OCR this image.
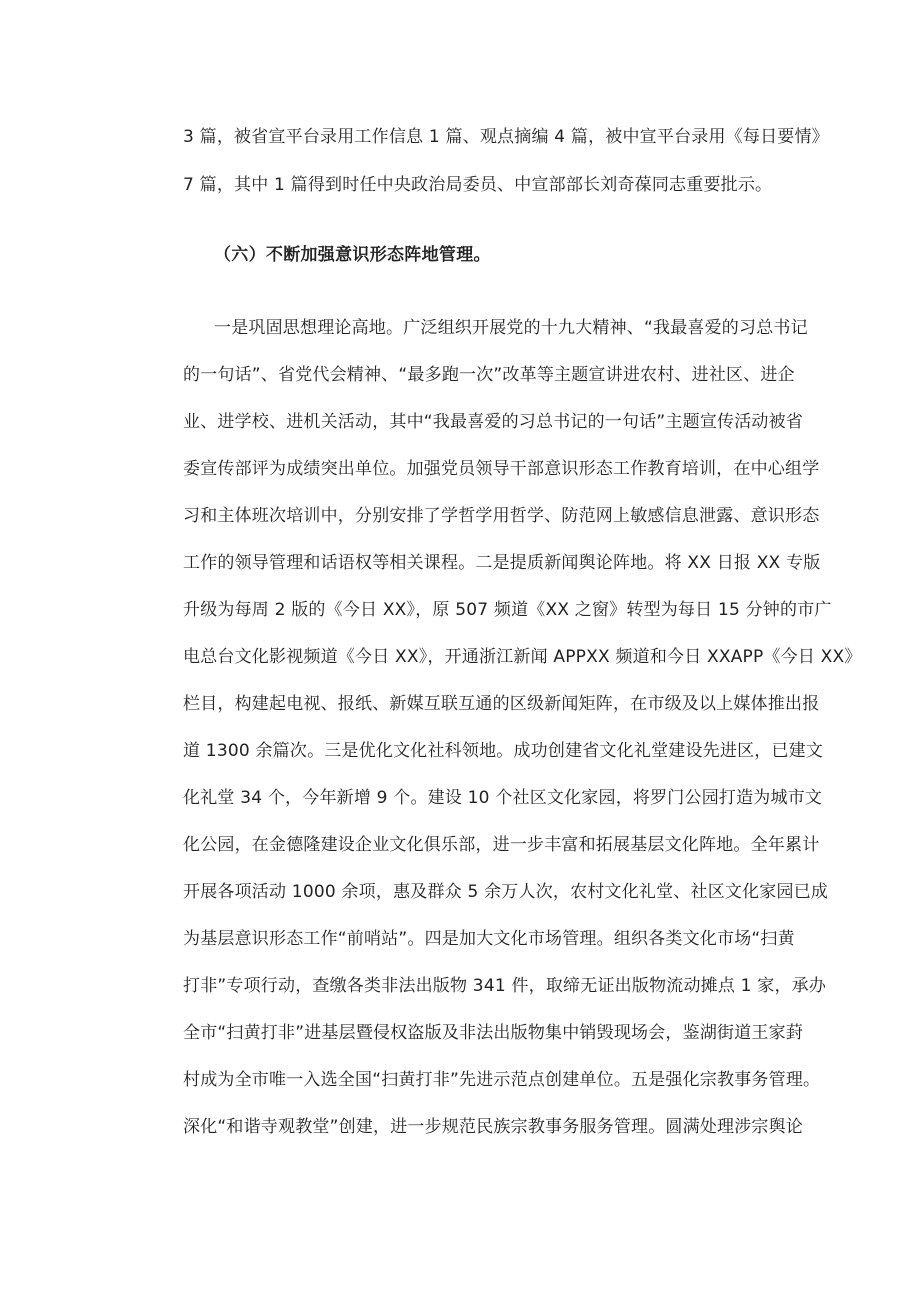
3 篇，被省宣平台录用工作信息 1 篇、观点摘编 4 篇，被中宣平台录用《每日要情》
7 篇，其中 1 篇得到时任中央政治局委员、中宣部部长刘奇葆同志重要批示。
（六）不断加强意识形态阵地管理。
一是巩固思想理论高地。广泛组织开展党的十九大精神、“我最喜爱的习总书记
的一句话”、省党代会精神、“最多跑一次”改革等主题宣讲进农村、进社区、进企
业、进学校、进机关活动，其中“我最喜爱的习总书记的一句话”主题宣传活动被省
委宣传部评为成绩突出单位。加强党员领导干部意识形态工作教育培训，在中心组学
习和主体班次培训中，分别安排了学哲学用哲学、防范网上敏感信息泄露、意识形态
工作的领导管理和话语权等相关课程。二是提质新闻舆论阵地。将 XX 日报 XX 专版
升级为每周 2 版的《今日 XX》，原 507 频道《XX 之窗》转型为每日 15 分钟的市广
电总台文化影视频道《今日 XX》，开通浙江新闻 APPXX 频道和今日 XXAPP《今日 XX》
栏目，构建起电视、报纸、新媒互联互通的区级新闻矩阵，在市级及以上媒体推出报
道 1300 余篇次。三是优化文化社科领地。成功创建省文化礼堂建设先进区，已建文
化礼堂 34 个，今年新增 9 个。建设 10 个社区文化家园，将罗门公园打造为城市文
化公园，在金德隆建设企业文化俱乐部，进一步丰富和拓展基层文化阵地。全年累计
开展各项活动 1000 余项，惠及群众 5 余万人次，农村文化礼堂、社区文化家园已成
为基层意识形态工作“前哨站”。四是加大文化市场管理。组织各类文化市场“扫黄
打非”专项行动，查缴各类非法出版物 341 件，取缔无证出版物流动摊点 1 家，承办
全市“扫黄打非”进基层暨侵权盗版及非法出版物集中销毁现场会，鉴湖街道王家葑
村成为全市唯一入选全国“扫黄打非”先进示范点创建单位。五是强化宗教事务管理。
深化“和谐寺观教堂”创建，进一步规范民族宗教事务服务管理。圆满处理涉宗舆论
